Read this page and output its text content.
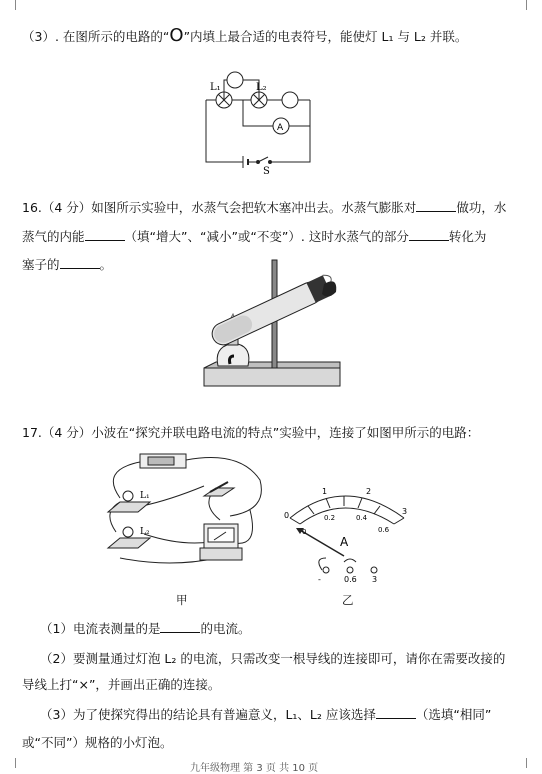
（3）. 在图所示的电路的“O”内填上最合适的电表符号，能使灯 L₁ 与 L₂ 并联。
L₁	L₂
A
S
16.（4 分）如图所示实验中，水蒸气会把软木塞冲出去。水蒸气膨胀对	做功，水
蒸气的内能	（填“增大”、“减小”或“不变”）. 这时水蒸气的部分	转化为
塞子的	。
17.（4 分）小波在“探究并联电路电流的特点”实验中，连接了如图甲所示的电路：
L₁
L₂
甲
0
1	2
3
0
0.2	0.4
0.6
A
-	0.6 3
乙
（1）电流表测量的是	的电流。
（2）要测量通过灯泡 L₂ 的电流，只需改变一根导线的连接即可，请你在需要改接的
导线上打“×”，并画出正确的连接。
（3）为了使探究得出的结论具有普遍意义，L₁、L₂ 应该选择	（选填“相同”
或“不同”）规格的小灯泡。
九年级物理 第 3 页 共 10 页
